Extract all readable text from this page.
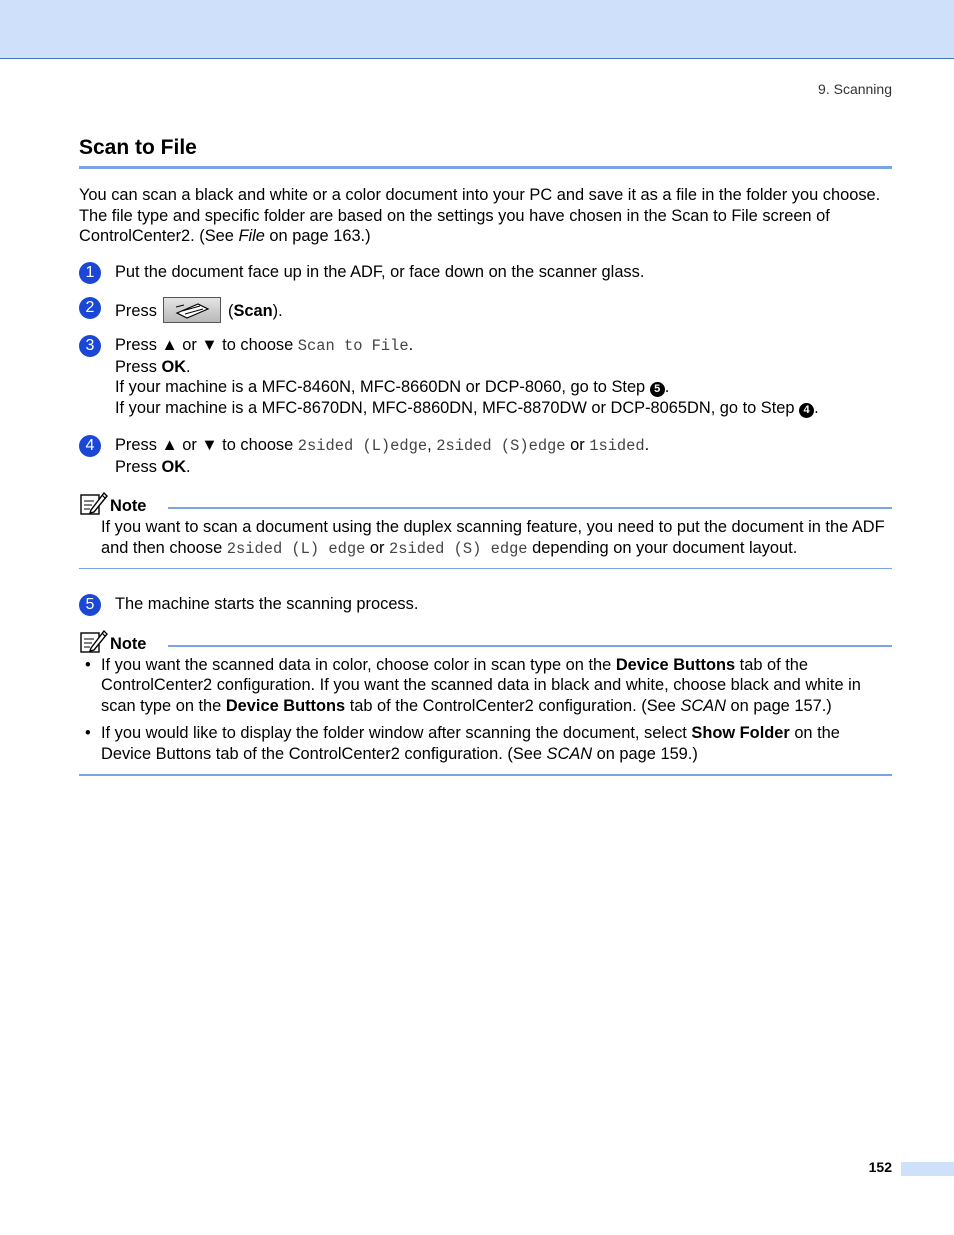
9. Scanning
Scan to File

You can scan a black and white or a color document into your PC and save it as a file in the folder you choose. The file type and specific folder are based on the settings you have chosen in the Scan to File screen of ControlCenter2. (See File on page 163.)

1	Put the document face up in the ADF, or face down on the scanner glass.
2	Press	(Scan).
3	Press ▲ or ▼ to choose Scan to File.
Press OK.
If your machine is a MFC-8460N, MFC-8660DN or DCP-8060, go to Step 5 .
If your machine is a MFC-8670DN, MFC-8860DN, MFC-8870DW or DCP-8065DN, go to Step 4 .
4	Press ▲ or ▼ to choose 2sided (L)edge, 2sided (S)edge or 1sided.
Press OK.
Note
If you want to scan a document using the duplex scanning feature, you need to put the document in the ADF and then choose 2sided (L) edge or 2sided (S) edge depending on your document layout.
5	The machine starts the scanning process.
Note
• If you want the scanned data in color, choose color in scan type on the Device Buttons tab of the ControlCenter2 configuration. If you want the scanned data in black and white, choose black and white in scan type on the Device Buttons tab of the ControlCenter2 configuration. (See SCAN on page 157.)
• If you would like to display the folder window after scanning the document, select Show Folder on the Device Buttons tab of the ControlCenter2 configuration. (See SCAN on page 159.)
152
